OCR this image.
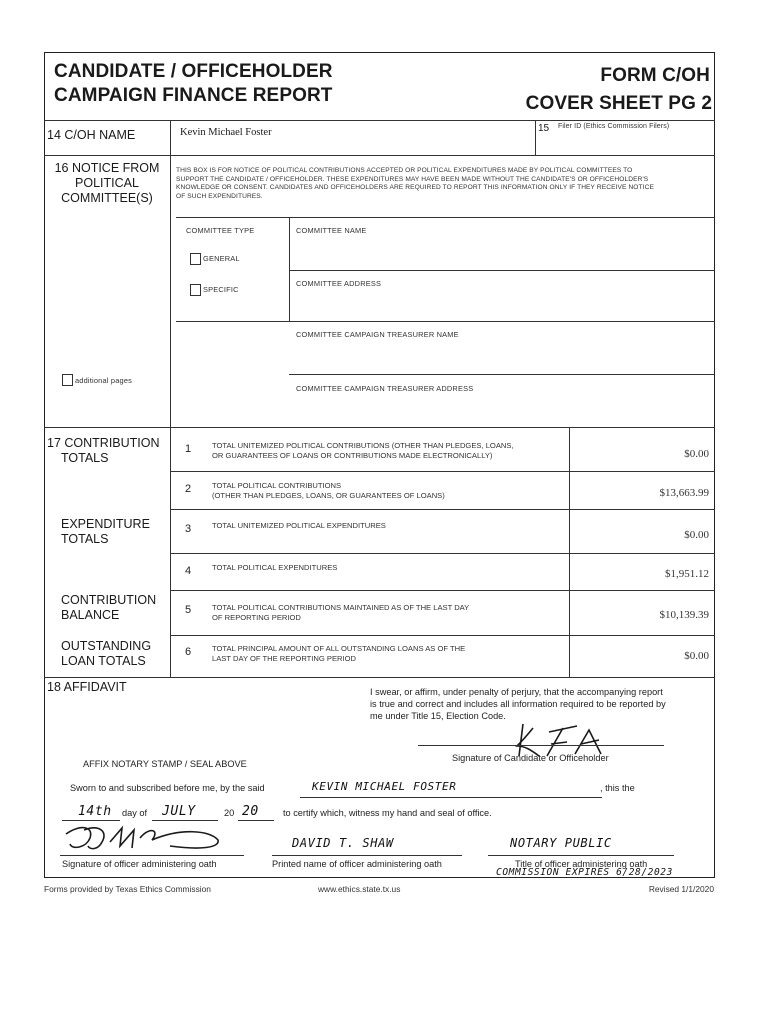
CANDIDATE / OFFICEHOLDER
CAMPAIGN FINANCE REPORT
FORM C/OH
COVER SHEET PG 2
14 C/OH NAME	Kevin Michael Foster	15 Filer ID (Ethics Commission Filers)
16 NOTICE FROM
POLITICAL
COMMITTEE(S)
THIS BOX IS FOR NOTICE OF POLITICAL CONTRIBUTIONS ACCEPTED OR POLITICAL EXPENDITURES MADE BY POLITICAL COMMITTEES TO
SUPPORT THE CANDIDATE / OFFICEHOLDER. THESE EXPENDITURES MAY HAVE BEEN MADE WITHOUT THE CANDIDATE'S OR OFFICEHOLDER'S
KNOWLEDGE OR CONSENT. CANDIDATES AND OFFICEHOLDERS ARE REQUIRED TO REPORT THIS INFORMATION ONLY IF THEY RECEIVE NOTICE
OF SUCH EXPENDITURES.
COMMITTEE TYPE
GENERAL
SPECIFIC
COMMITTEE NAME
COMMITTEE ADDRESS
COMMITTEE CAMPAIGN TREASURER NAME
COMMITTEE CAMPAIGN TREASURER ADDRESS
additional pages
17 CONTRIBUTION
TOTALS
EXPENDITURE
TOTALS
CONTRIBUTION
BALANCE
OUTSTANDING
LOAN TOTALS
1	TOTAL UNITEMIZED POLITICAL CONTRIBUTIONS (OTHER THAN PLEDGES, LOANS,
OR GUARANTEES OF LOANS OR CONTRIBUTIONS MADE ELECTRONICALLY)	$0.00
2	TOTAL POLITICAL CONTRIBUTIONS
(OTHER THAN PLEDGES, LOANS, OR GUARANTEES OF LOANS)	$13,663.99
3	TOTAL UNITEMIZED POLITICAL EXPENDITURES
$0.00
4	TOTAL POLITICAL EXPENDITURES
$1,951.12
5	TOTAL POLITICAL CONTRIBUTIONS MAINTAINED AS OF THE LAST DAY
OF REPORTING PERIOD	$10,139.39
6	TOTAL PRINCIPAL AMOUNT OF ALL OUTSTANDING LOANS AS OF THE
LAST DAY OF THE REPORTING PERIOD	$0.00
18 AFFIDAVIT	I swear, or affirm, under penalty of perjury, that the accompanying report
is true and correct and includes all information required to be reported by
me under Title 15, Election Code.
Signature of Candidate or Officeholder
AFFIX NOTARY STAMP / SEAL ABOVE
Sworn to and subscribed before me, by the said	KEVIN MICHAEL FOSTER	, this the
14th day of JULY	20 20	to certify which, witness my hand and seal of office.
Signature of officer administering oath
DAVID T. SHAW
Printed name of officer administering oath
NOTARY PUBLIC
Title of officer administering oath
COMMISSION EXPIRES 6/28/2023
Forms provided by Texas Ethics Commission	www.ethics.state.tx.us	Revised 1/1/2020
